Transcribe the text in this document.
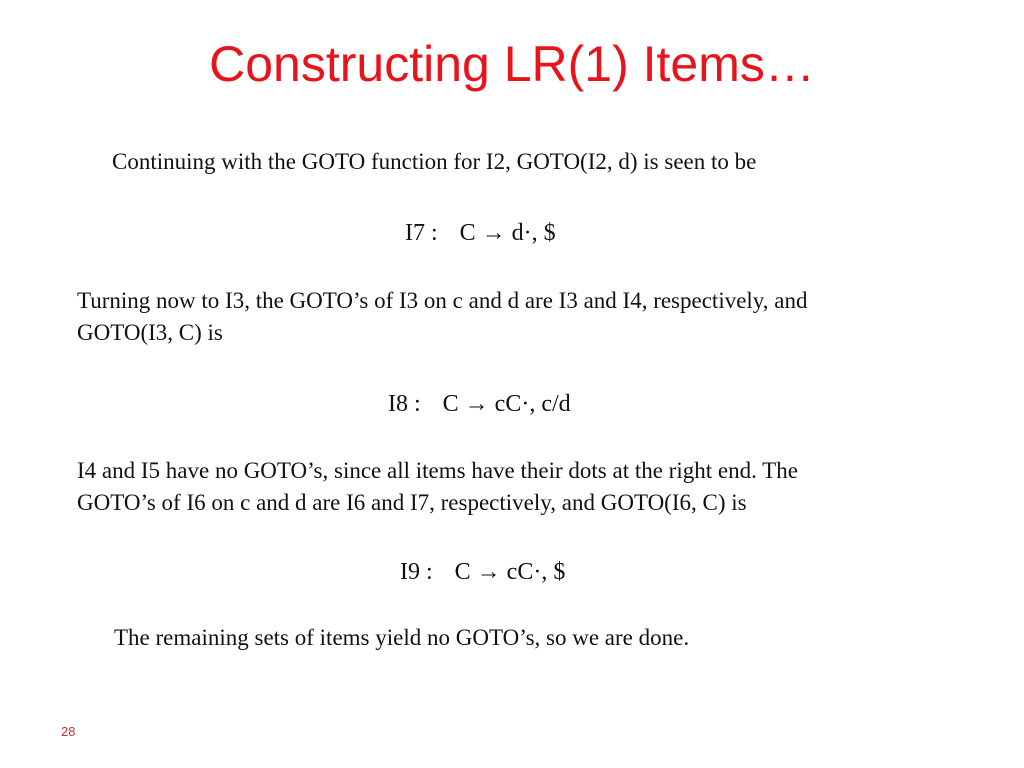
Constructing LR(1) Items…
Continuing with the GOTO function for I2, GOTO(I2, d) is seen to be
I7 : C → d·, $
Turning now to I3, the GOTO’s of I3 on c and d are I3 and I4, respectively, and
GOTO(I3, C) is
I8 : C → cC·, c/d
I4 and I5 have no GOTO’s, since all items have their dots at the right end. The
GOTO’s of I6 on c and d are I6 and I7, respectively, and GOTO(I6, C) is
I9 : C → cC·, $
The remaining sets of items yield no GOTO’s, so we are done.
28
